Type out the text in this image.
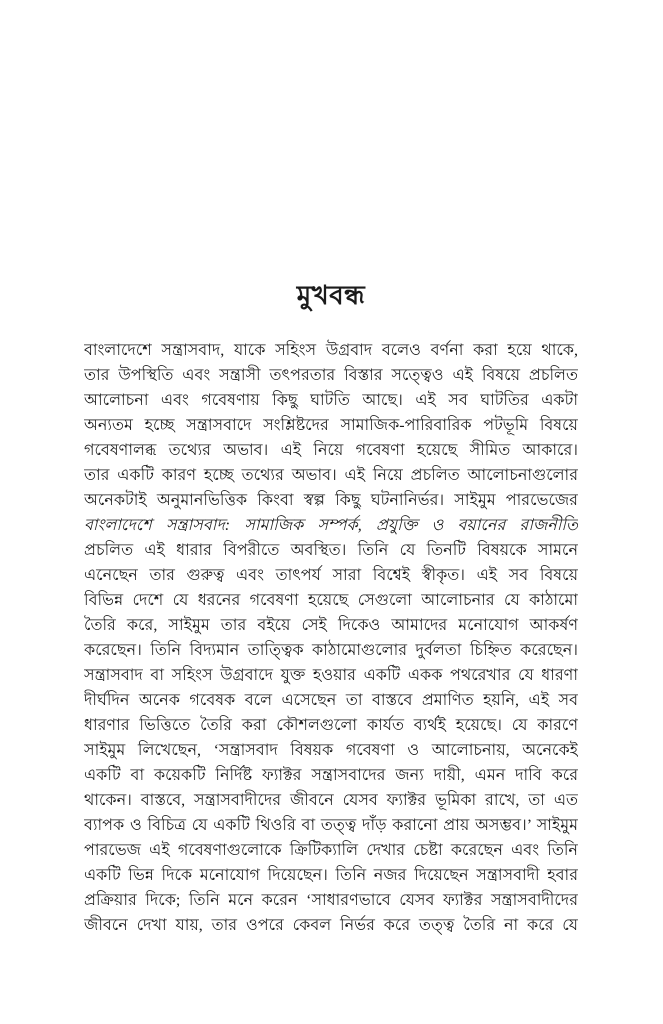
মুখবন্ধ
বাংলাদেশে সন্ত্রাসবাদ, যাকে সহিংস উগ্রবাদ বলেও বর্ণনা করা হয়ে থাকে,
তার উপস্থিতি এবং সন্ত্রাসী তৎপরতার বিস্তার সত্ত্বেও এই বিষয়ে প্রচলিত
আলোচনা এবং গবেষণায় কিছু ঘাটতি আছে। এই সব ঘাটতির একটা
অন্যতম হচ্ছে সন্ত্রাসবাদে সংশ্লিষ্টদের সামাজিক-পারিবারিক পটভূমি বিষয়ে
গবেষণালব্ধ তথ্যের অভাব। এই নিয়ে গবেষণা হয়েছে সীমিত আকারে।
তার একটি কারণ হচ্ছে তথ্যের অভাব। এই নিয়ে প্রচলিত আলোচনাগুলোর
অনেকটাই অনুমানভিত্তিক কিংবা স্বল্প কিছু ঘটনানির্ভর। সাইমুম পারভেজের
বাংলাদেশে সন্ত্রাসবাদ: সামাজিক সম্পর্ক, প্রযুক্তি ও বয়ানের রাজনীতি
প্রচলিত এই ধারার বিপরীতে অবস্থিত। তিনি যে তিনটি বিষয়কে সামনে
এনেছেন তার গুরুত্ব এবং তাৎপর্য সারা বিশ্বেই স্বীকৃত। এই সব বিষয়ে
বিভিন্ন দেশে যে ধরনের গবেষণা হয়েছে সেগুলো আলোচনার যে কাঠামো
তৈরি করে, সাইমুম তার বইয়ে সেই দিকেও আমাদের মনোযোগ আকর্ষণ
করেছেন। তিনি বিদ্যমান তাত্ত্বিক কাঠামোগুলোর দুর্বলতা চিহ্নিত করেছেন।
সন্ত্রাসবাদ বা সহিংস উগ্রবাদে যুক্ত হওয়ার একটি একক পথরেখার যে ধারণা
দীর্ঘদিন অনেক গবেষক বলে এসেছেন তা বাস্তবে প্রমাণিত হয়নি, এই সব
ধারণার ভিত্তিতে তৈরি করা কৌশলগুলো কার্যত ব্যর্থই হয়েছে। যে কারণে
সাইমুম লিখেছেন, ‘সন্ত্রাসবাদ বিষয়ক গবেষণা ও আলোচনায়, অনেকেই
একটি বা কয়েকটি নির্দিষ্ট ফ্যাক্টর সন্ত্রাসবাদের জন্য দায়ী, এমন দাবি করে
থাকেন। বাস্তবে, সন্ত্রাসবাদীদের জীবনে যেসব ফ্যাক্টর ভূমিকা রাখে, তা এত
ব্যাপক ও বিচিত্র যে একটি থিওরি বা তত্ত্ব দাঁড় করানো প্রায় অসম্ভব।’ সাইমুম
পারভেজ এই গবেষণাগুলোকে ক্রিটিক্যালি দেখার চেষ্টা করেছেন এবং তিনি
একটি ভিন্ন দিকে মনোযোগ দিয়েছেন। তিনি নজর দিয়েছেন সন্ত্রাসবাদী হবার
প্রক্রিয়ার দিকে; তিনি মনে করেন ‘সাধারণভাবে যেসব ফ্যাক্টর সন্ত্রাসবাদীদের
জীবনে দেখা যায়, তার ওপরে কেবল নির্ভর করে তত্ত্ব তৈরি না করে যে
